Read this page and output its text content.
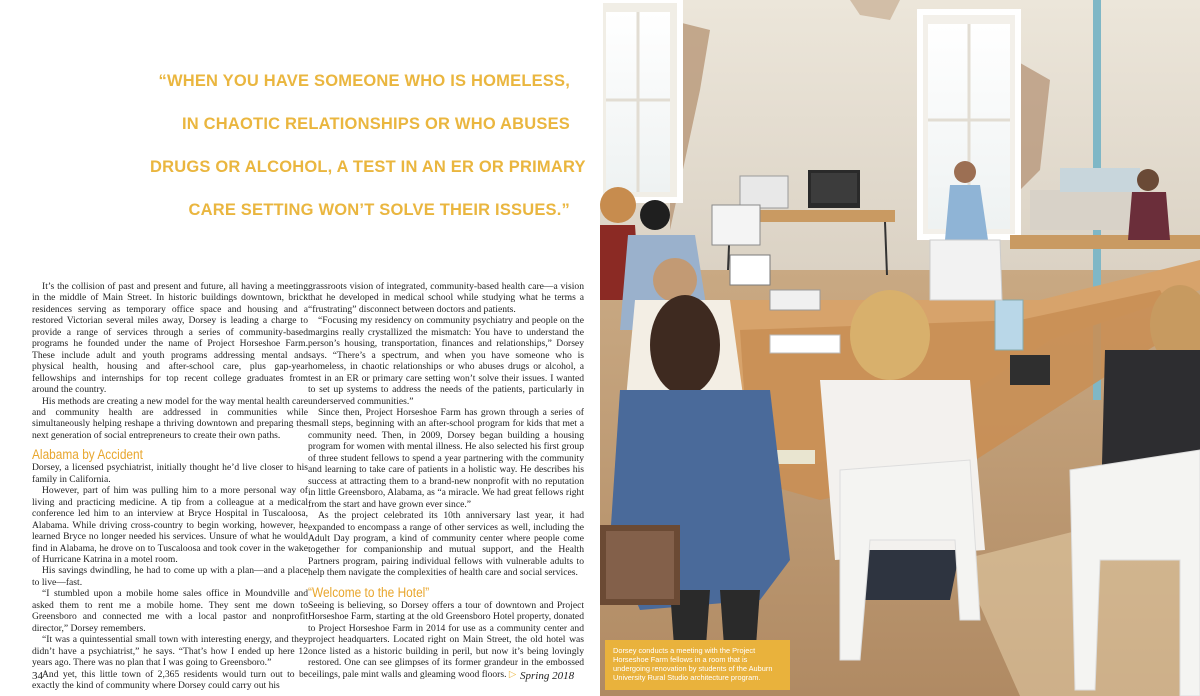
“WHEN YOU HAVE SOMEONE WHO IS HOMELESS,
IN CHAOTIC RELATIONSHIPS OR WHO ABUSES
DRUGS OR ALCOHOL, A TEST IN AN ER OR PRIMARY
CARE SETTING WON’T SOLVE THEIR ISSUES.”

It’s the collision of past and present and future, all having a meeting in the middle of Main Street. In historic buildings downtown, brick residences serving as temporary office space and housing and a restored Victorian several miles away, Dorsey is leading a charge to provide a range of services through a series of community-based programs he founded under the name of Project Horseshoe Farm. These include adult and youth programs addressing mental and physical health, housing and after-school care, plus gap-year fellowships and internships for top recent college graduates from around the country.

His methods are creating a new model for the way mental health care and community health are addressed in communities while simultaneously helping reshape a thriving downtown and preparing the next generation of social entrepreneurs to create their own paths.

Alabama by Accident

Dorsey, a licensed psychiatrist, initially thought he’d live closer to his family in California.

However, part of him was pulling him to a more personal way of living and practicing medicine. A tip from a colleague at a medical conference led him to an interview at Bryce Hospital in Tuscaloosa, Alabama. While driving cross-country to begin working, however, he learned Bryce no longer needed his services. Unsure of what he would find in Alabama, he drove on to Tuscaloosa and took cover in the wake of Hurricane Katrina in a motel room.

His savings dwindling, he had to come up with a plan—and a place to live—fast.

“I stumbled upon a mobile home sales office in Moundville and asked them to rent me a mobile home. They sent me down to Greensboro and connected me with a local pastor and nonprofit director,” Dorsey remembers.

“It was a quintessential small town with interesting energy, and they didn’t have a psychiatrist,” he says. “That’s how I ended up here 12 years ago. There was no plan that I was going to Greensboro.”

And yet, this little town of 2,365 residents would turn out to be exactly the kind of community where Dorsey could carry out his

grassroots vision of integrated, community-based health care—a vision that he developed in medical school while studying what he terms a “frustrating” disconnect between doctors and patients.

“Focusing my residency on community psychiatry and people on the margins really crystallized the mismatch: You have to understand the person’s housing, transportation, finances and relationships,” Dorsey says. “There’s a spectrum, and when you have someone who is homeless, in chaotic relationships or who abuses drugs or alcohol, a test in an ER or primary care setting won’t solve their issues. I wanted to set up systems to address the needs of the patients, particularly in underserved communities.”

Since then, Project Horseshoe Farm has grown through a series of small steps, beginning with an after-school program for kids that met a community need. Then, in 2009, Dorsey began building a housing program for women with mental illness. He also selected his first group of three student fellows to spend a year partnering with the community and learning to take care of patients in a holistic way. He describes his success at attracting them to a brand-new nonprofit with no reputation in little Greensboro, Alabama, as “a miracle. We had great fellows right from the start and have grown ever since.”

As the project celebrated its 10th anniversary last year, it had expanded to encompass a range of other services as well, including the Adult Day program, a kind of community center where people come together for companionship and mutual support, and the Health Partners program, pairing individual fellows with vulnerable adults to help them navigate the complexities of health care and social services.

“Welcome to the Hotel”

Seeing is believing, so Dorsey offers a tour of downtown and Project Horseshoe Farm, starting at the old Greensboro Hotel property, donated to Project Horseshoe Farm in 2014 for use as a community center and project headquarters. Located right on Main Street, the old hotel was once listed as a historic building in peril, but now it’s being lovingly restored. One can see glimpses of its former grandeur in the embossed ceilings, pale mint walls and gleaming wood floors. ▷

34	Spring 2018
Dorsey conducts a meeting with the Project Horseshoe Farm fellows in a room that is undergoing renovation by students of the Auburn University Rural Studio architecture program.
